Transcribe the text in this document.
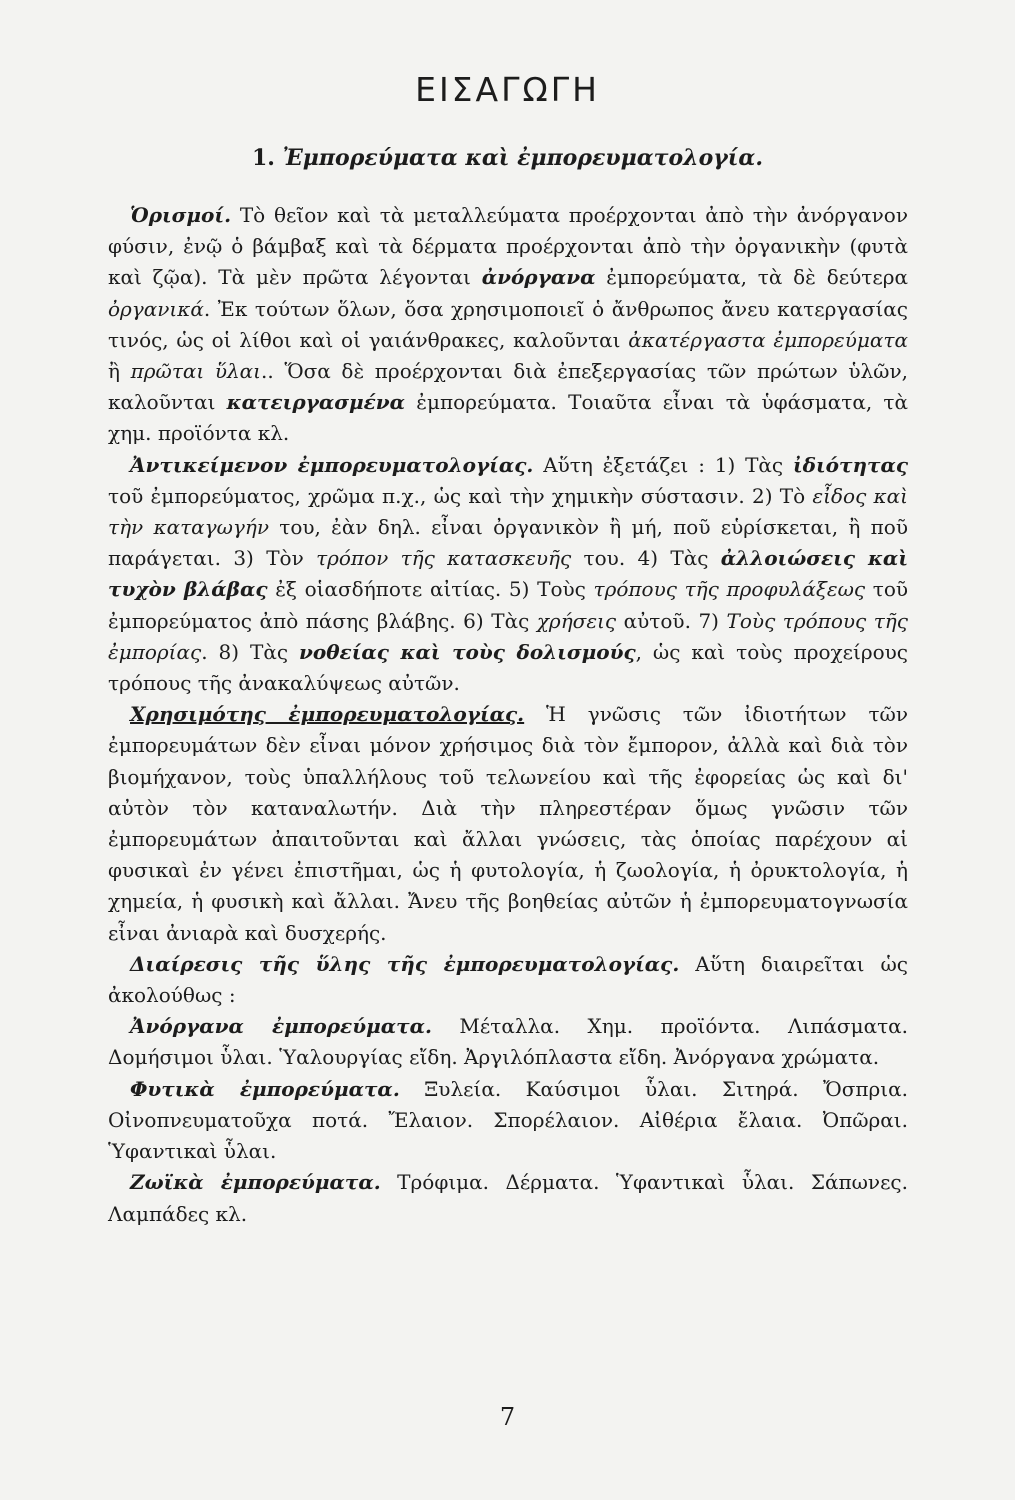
ΕΙΣΑΓΩΓΗ
1. Ἐμπορεύματα καὶ ἐμπορευματολογία.

Ὁρισμοί. Τὸ θεῖον καὶ τὰ μεταλλεύματα προέρχονται ἀπὸ τὴν ἀνόργανον φύσιν, ἐνῷ ὁ βάμβαξ καὶ τὰ δέρματα προέρχονται ἀπὸ τὴν ὀργανικὴν (φυτὰ καὶ ζῷα). Τὰ μὲν πρῶτα λέγονται ἀνόργανα ἐμπορεύματα, τὰ δὲ δεύτερα ὀργανικά. Ἐκ τούτων ὅλων, ὅσα χρησιμοποιεῖ ὁ ἄνθρωπος ἄνευ κατεργασίας τινός, ὡς οἱ λίθοι καὶ οἱ γαιάνθρακες, καλοῦνται ἀκατέργαστα ἐμπορεύματα ἢ πρῶται ὕλαι.. Ὅσα δὲ προέρχονται διὰ ἐπεξεργασίας τῶν πρώτων ὑλῶν, καλοῦνται κατειργασμένα ἐμπορεύματα. Τοιαῦτα εἶναι τὰ ὑφάσματα, τὰ χημ. προϊόντα κλ.

Ἀντικείμενον ἐμπορευματολογίας. Αὕτη ἐξετάζει : 1) Τὰς ἰδιότητας τοῦ ἐμπορεύματος, χρῶμα π.χ., ὡς καὶ τὴν χημικὴν σύστασιν. 2) Τὸ εἶδος καὶ τὴν καταγωγήν του, ἐὰν δηλ. εἶναι ὀργανικὸν ἢ μή, ποῦ εὑρίσκεται, ἢ ποῦ παράγεται. 3) Τὸν τρόπον τῆς κατασκευῆς του. 4) Τὰς ἀλλοιώσεις καὶ τυχὸν βλάβας ἐξ οἱασδήποτε αἰτίας. 5) Τοὺς τρόπους τῆς προφυλάξεως τοῦ ἐμπορεύματος ἀπὸ πάσης βλάβης. 6) Τὰς χρήσεις αὐτοῦ. 7) Τοὺς τρόπους τῆς ἐμπορίας. 8) Τὰς νοθείας καὶ τοὺς δολισμούς, ὡς καὶ τοὺς προχείρους τρόπους τῆς ἀνακαλύψεως αὐτῶν.

Χρησιμότης ἐμπορευματολογίας. Ἡ γνῶσις τῶν ἰδιοτήτων τῶν ἐμπορευμάτων δὲν εἶναι μόνον χρήσιμος διὰ τὸν ἔμπορον, ἀλλὰ καὶ διὰ τὸν βιομήχανον, τοὺς ὑπαλλήλους τοῦ τελωνείου καὶ τῆς ἐφορείας ὡς καὶ δι' αὐτὸν τὸν καταναλωτήν. Διὰ τὴν πληρεστέραν ὅμως γνῶσιν τῶν ἐμπορευμάτων ἀπαιτοῦνται καὶ ἄλλαι γνώσεις, τὰς ὁποίας παρέχουν αἱ φυσικαὶ ἐν γένει ἐπιστῆμαι, ὡς ἡ φυτολογία, ἡ ζωολογία, ἡ ὀρυκτολογία, ἡ χημεία, ἡ φυσικὴ καὶ ἄλλαι. Ἄνευ τῆς βοηθείας αὐτῶν ἡ ἐμπορευματογνωσία εἶναι ἀνιαρὰ καὶ δυσχερής.

Διαίρεσις τῆς ὕλης τῆς ἐμπορευματολογίας. Αὕτη διαιρεῖται ὡς ἀκολούθως :

Ἀνόργανα ἐμπορεύματα. Μέταλλα. Χημ. προϊόντα. Λιπάσματα. Δομήσιμοι ὗλαι. Ὑαλουργίας εἴδη. Ἀργιλόπλαστα εἴδη. Ἀνόργανα χρώματα.

Φυτικὰ ἐμπορεύματα. Ξυλεία. Καύσιμοι ὗλαι. Σιτηρά. Ὄσπρια. Οἰνοπνευματοῦχα ποτά. Ἔλαιον. Σπορέλαιον. Αἰθέρια ἔλαια. Ὀπῶραι. Ὑφαντικαὶ ὗλαι.

Ζωϊκὰ ἐμπορεύματα. Τρόφιμα. Δέρματα. Ὑφαντικαὶ ὗλαι. Σάπωνες. Λαμπάδες κλ.

7
